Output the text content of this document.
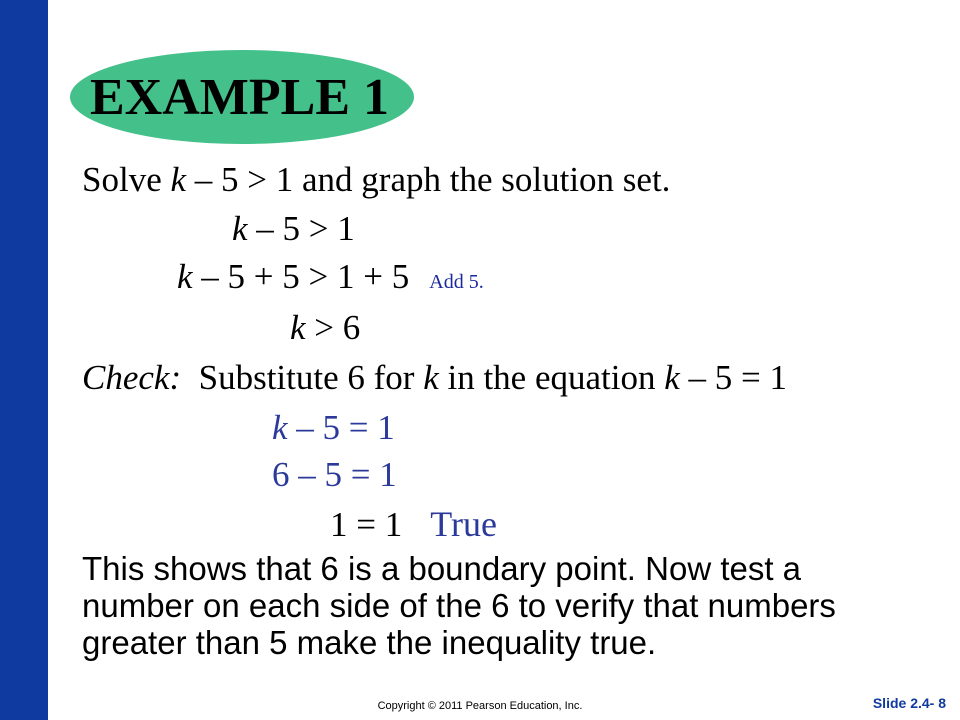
EXAMPLE 1
Solve k – 5 > 1 and graph the solution set.
k – 5 > 1
k – 5 + 5 > 1 + 5 Add 5.
k > 6
Check:  Substitute 6 for k in the equation k – 5 = 1
k – 5 = 1
6 – 5 = 1
1 = 1 True
This shows that 6 is a boundary point. Now test a number on each side of the 6 to verify that numbers greater than 5 make the inequality true.
Copyright © 2011 Pearson Education, Inc.	Slide 2.4- 8
